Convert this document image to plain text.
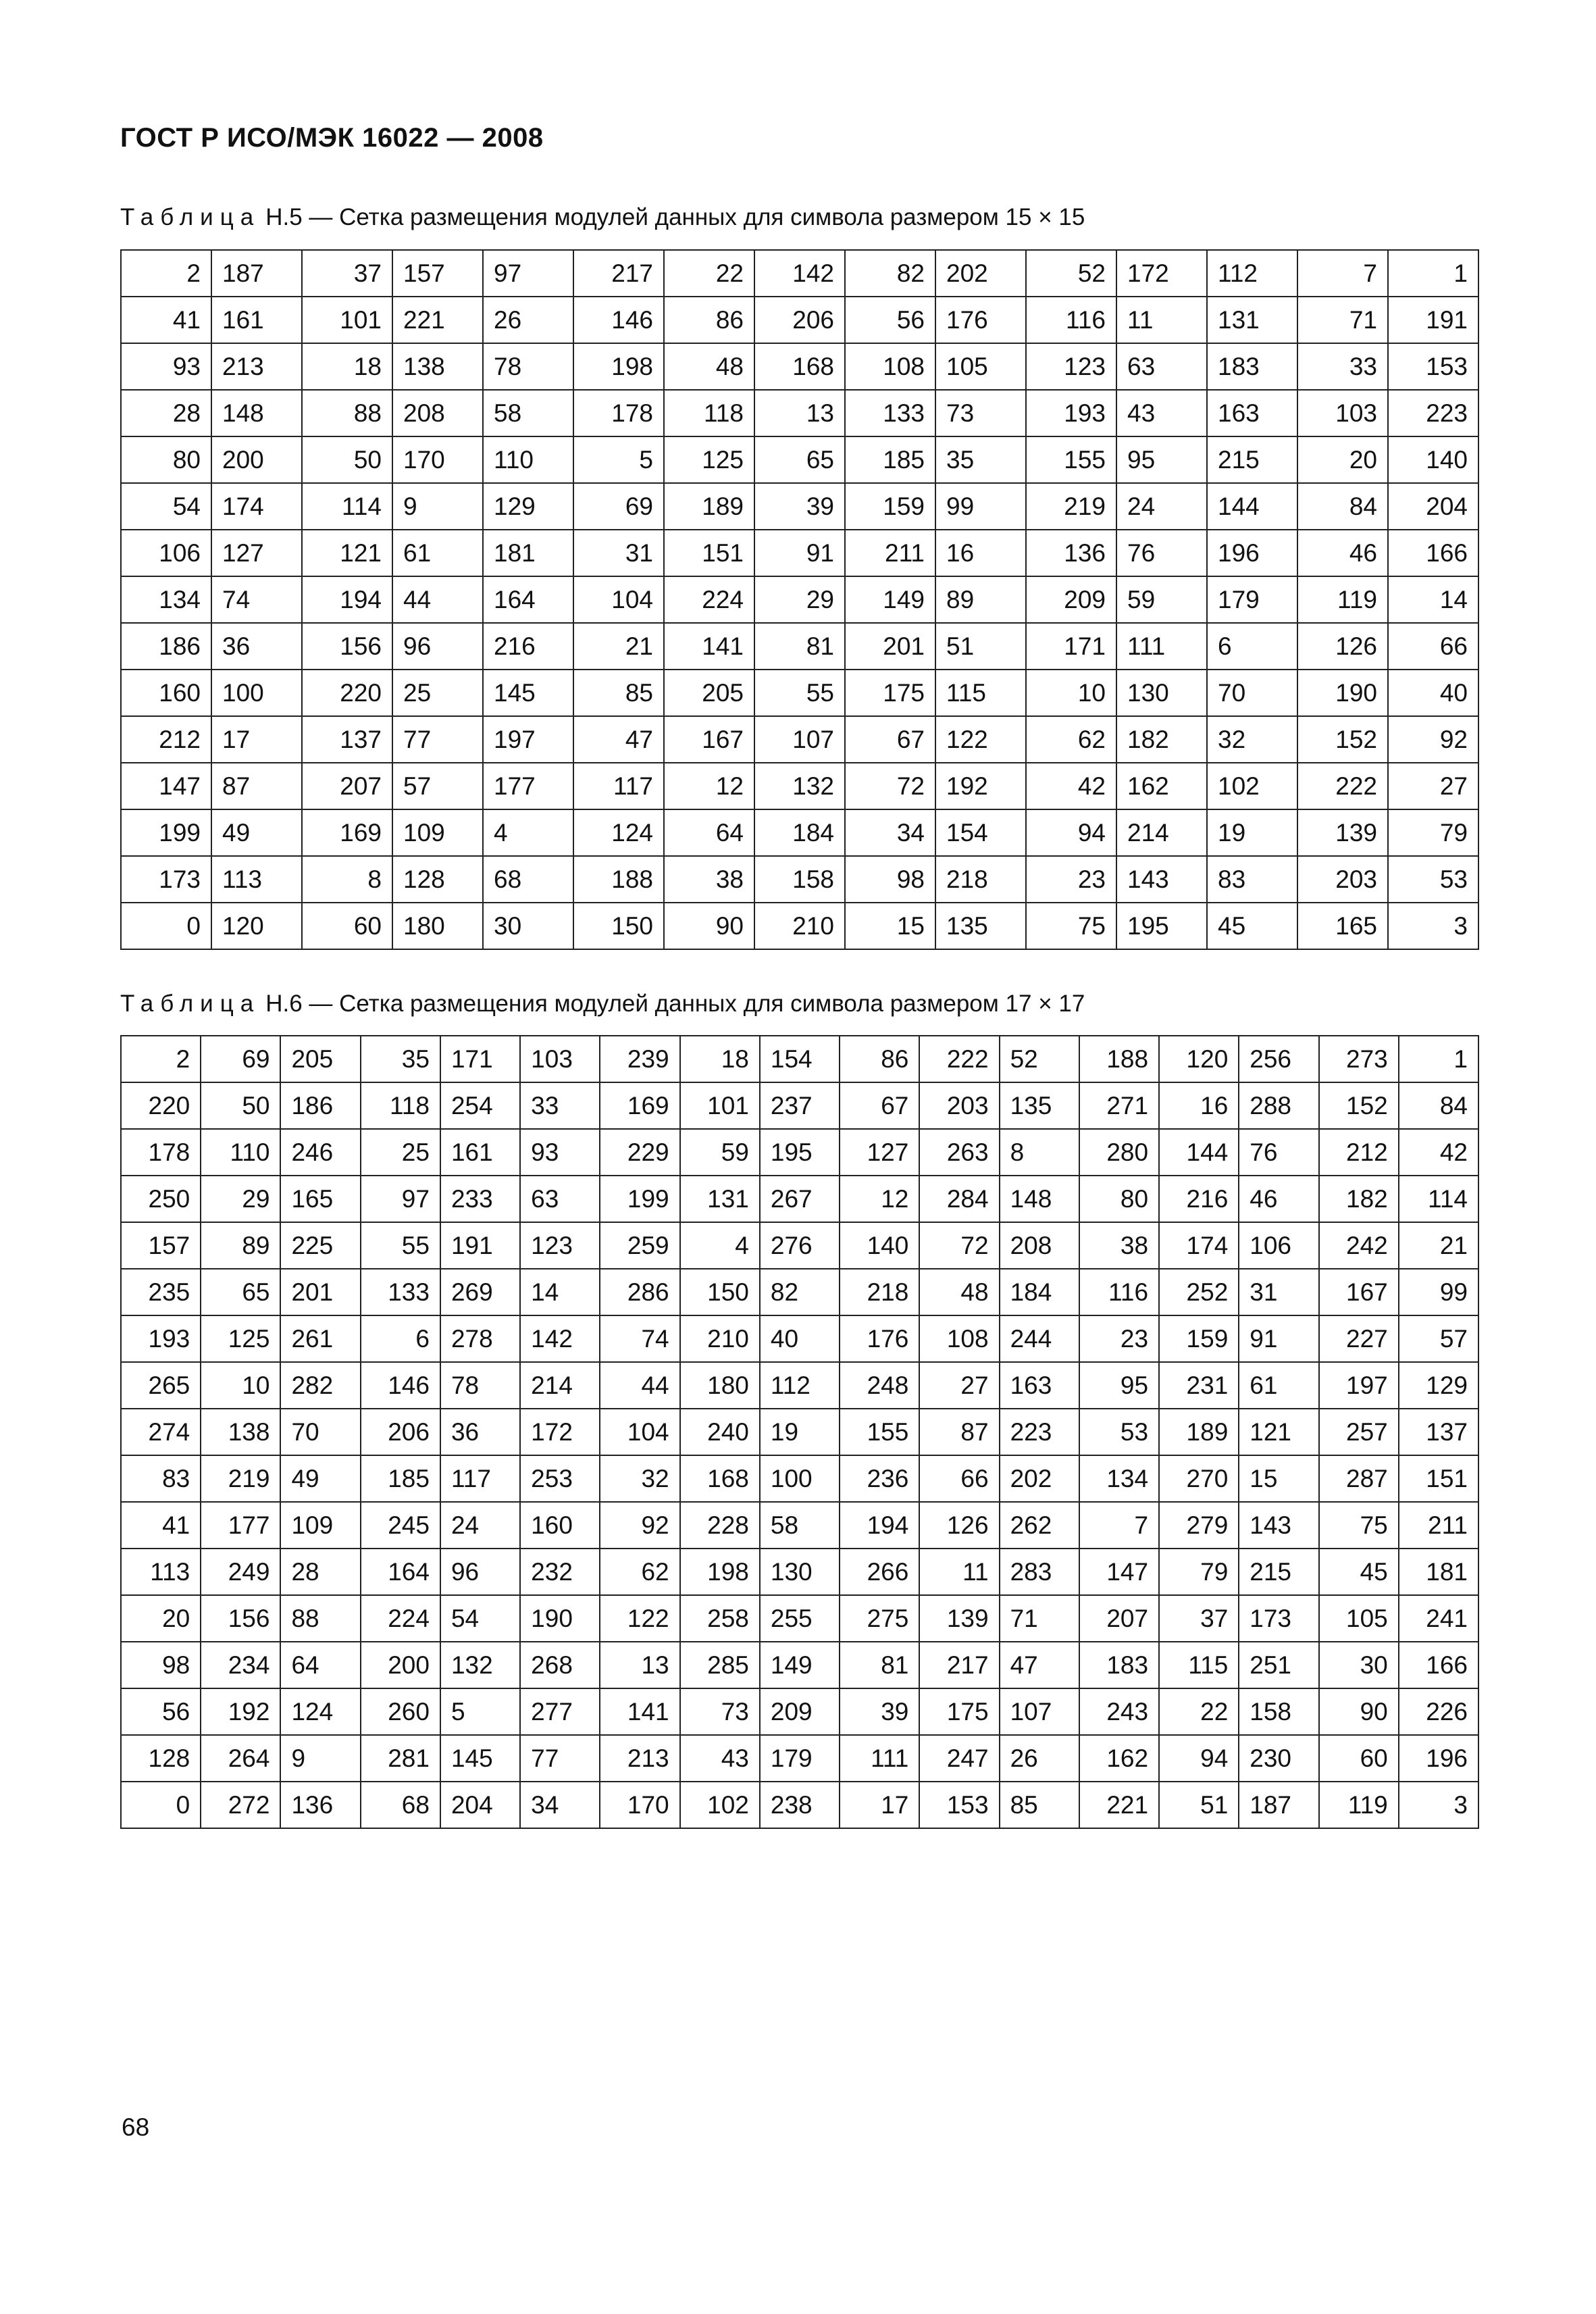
ГОСТ Р ИСО/МЭК 16022 — 2008
Таблица Н.5 — Сетка размещения модулей данных для символа размером 15 × 15
2	187	37	157	97	217	22	142	82	202	52	172	112	7	1
41	161	101	221	26	146	86	206	56	176	116	11	131	71	191
93	213	18	138	78	198	48	168	108	105	123	63	183	33	153
28	148	88	208	58	178	118	13	133	73	193	43	163	103	223
80	200	50	170	110	5	125	65	185	35	155	95	215	20	140
54	174	114	9	129	69	189	39	159	99	219	24	144	84	204
106	127	121	61	181	31	151	91	211	16	136	76	196	46	166
134	74	194	44	164	104	224	29	149	89	209	59	179	119	14
186	36	156	96	216	21	141	81	201	51	171	111	6	126	66
160	100	220	25	145	85	205	55	175	115	10	130	70	190	40
212	17	137	77	197	47	167	107	67	122	62	182	32	152	92
147	87	207	57	177	117	12	132	72	192	42	162	102	222	27
199	49	169	109	4	124	64	184	34	154	94	214	19	139	79
173	113	8	128	68	188	38	158	98	218	23	143	83	203	53
0	120	60	180	30	150	90	210	15	135	75	195	45	165	3
Таблица Н.6 — Сетка размещения модулей данных для символа размером 17 × 17
2	69	205	35	171	103	239	18	154	86	222	52	188	120	256	273	1
220	50	186	118	254	33	169	101	237	67	203	135	271	16	288	152	84
178	110	246	25	161	93	229	59	195	127	263	8	280	144	76	212	42
250	29	165	97	233	63	199	131	267	12	284	148	80	216	46	182	114
157	89	225	55	191	123	259	4	276	140	72	208	38	174	106	242	21
235	65	201	133	269	14	286	150	82	218	48	184	116	252	31	167	99
193	125	261	6	278	142	74	210	40	176	108	244	23	159	91	227	57
265	10	282	146	78	214	44	180	112	248	27	163	95	231	61	197	129
274	138	70	206	36	172	104	240	19	155	87	223	53	189	121	257	137
83	219	49	185	117	253	32	168	100	236	66	202	134	270	15	287	151
41	177	109	245	24	160	92	228	58	194	126	262	7	279	143	75	211
113	249	28	164	96	232	62	198	130	266	11	283	147	79	215	45	181
20	156	88	224	54	190	122	258	255	275	139	71	207	37	173	105	241
98	234	64	200	132	268	13	285	149	81	217	47	183	115	251	30	166
56	192	124	260	5	277	141	73	209	39	175	107	243	22	158	90	226
128	264	9	281	145	77	213	43	179	111	247	26	162	94	230	60	196
0	272	136	68	204	34	170	102	238	17	153	85	221	51	187	119	3
68
